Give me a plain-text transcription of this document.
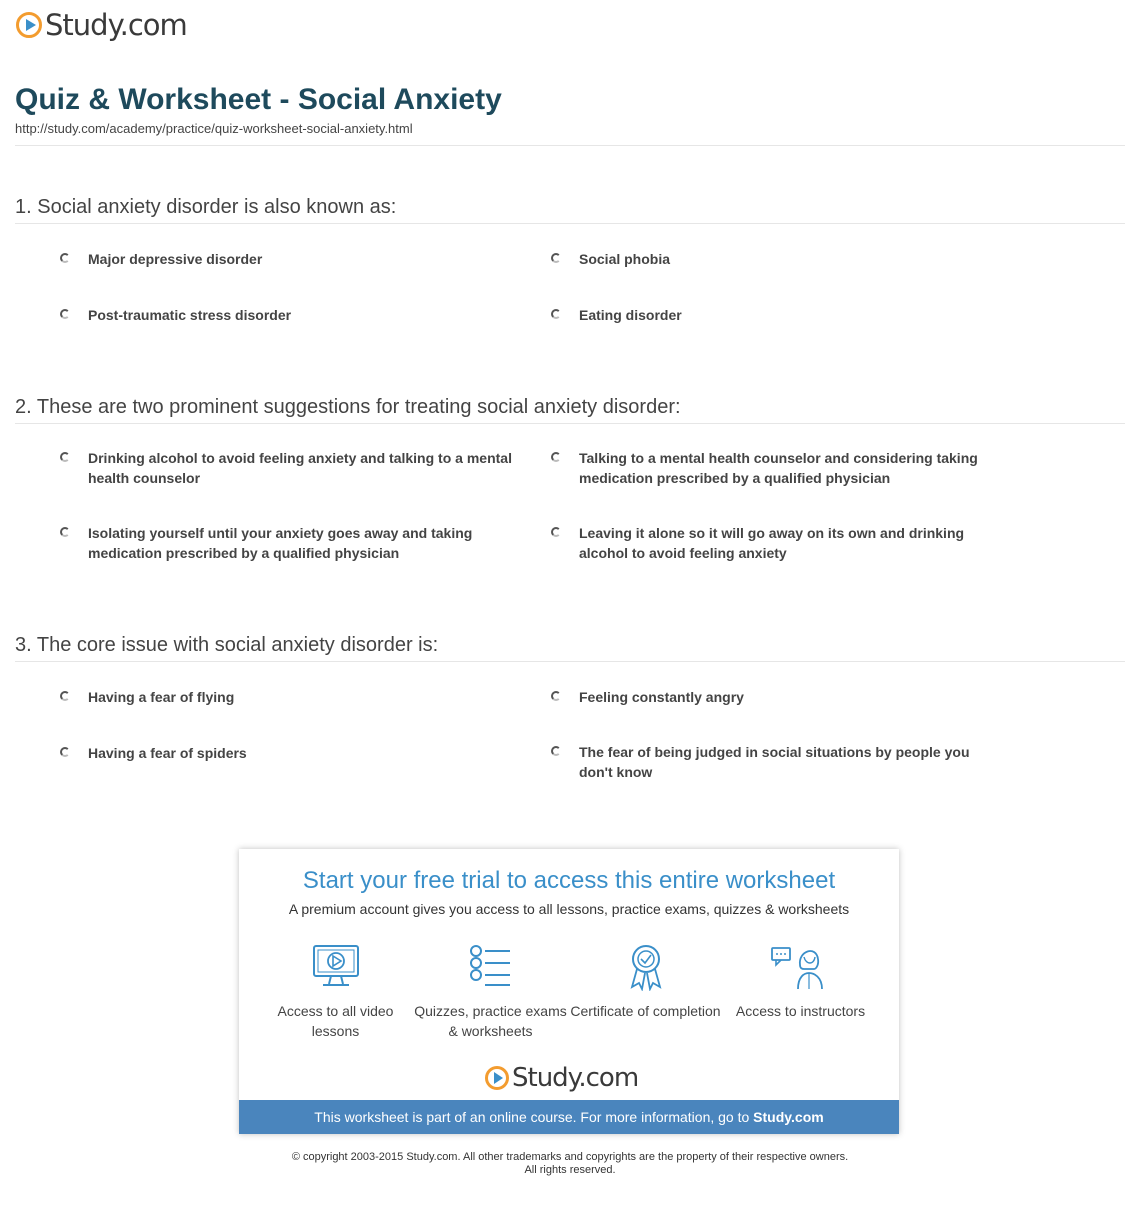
Study.com
Quiz & Worksheet - Social Anxiety
http://study.com/academy/practice/quiz-worksheet-social-anxiety.html
1. Social anxiety disorder is also known as:
Major depressive disorder	Social phobia
Post-traumatic stress disorder	Eating disorder
2. These are two prominent suggestions for treating social anxiety disorder:
Drinking alcohol to avoid feeling anxiety and talking to a mental health counselor
Talking to a mental health counselor and considering taking medication prescribed by a qualified physician
Isolating yourself until your anxiety goes away and taking medication prescribed by a qualified physician
Leaving it alone so it will go away on its own and drinking alcohol to avoid feeling anxiety
3. The core issue with social anxiety disorder is:
Having a fear of flying	Feeling constantly angry
Having a fear of spiders	The fear of being judged in social situations by people you don't know
Start your free trial to access this entire worksheet
A premium account gives you access to all lessons, practice exams, quizzes & worksheets
Access to all video lessons
Quizzes, practice exams & worksheets
Certificate of completion	Access to instructors
Study.com
This worksheet is part of an online course. For more information, go to Study.com
© copyright 2003-2015 Study.com. All other trademarks and copyrights are the property of their respective owners.
All rights reserved.
